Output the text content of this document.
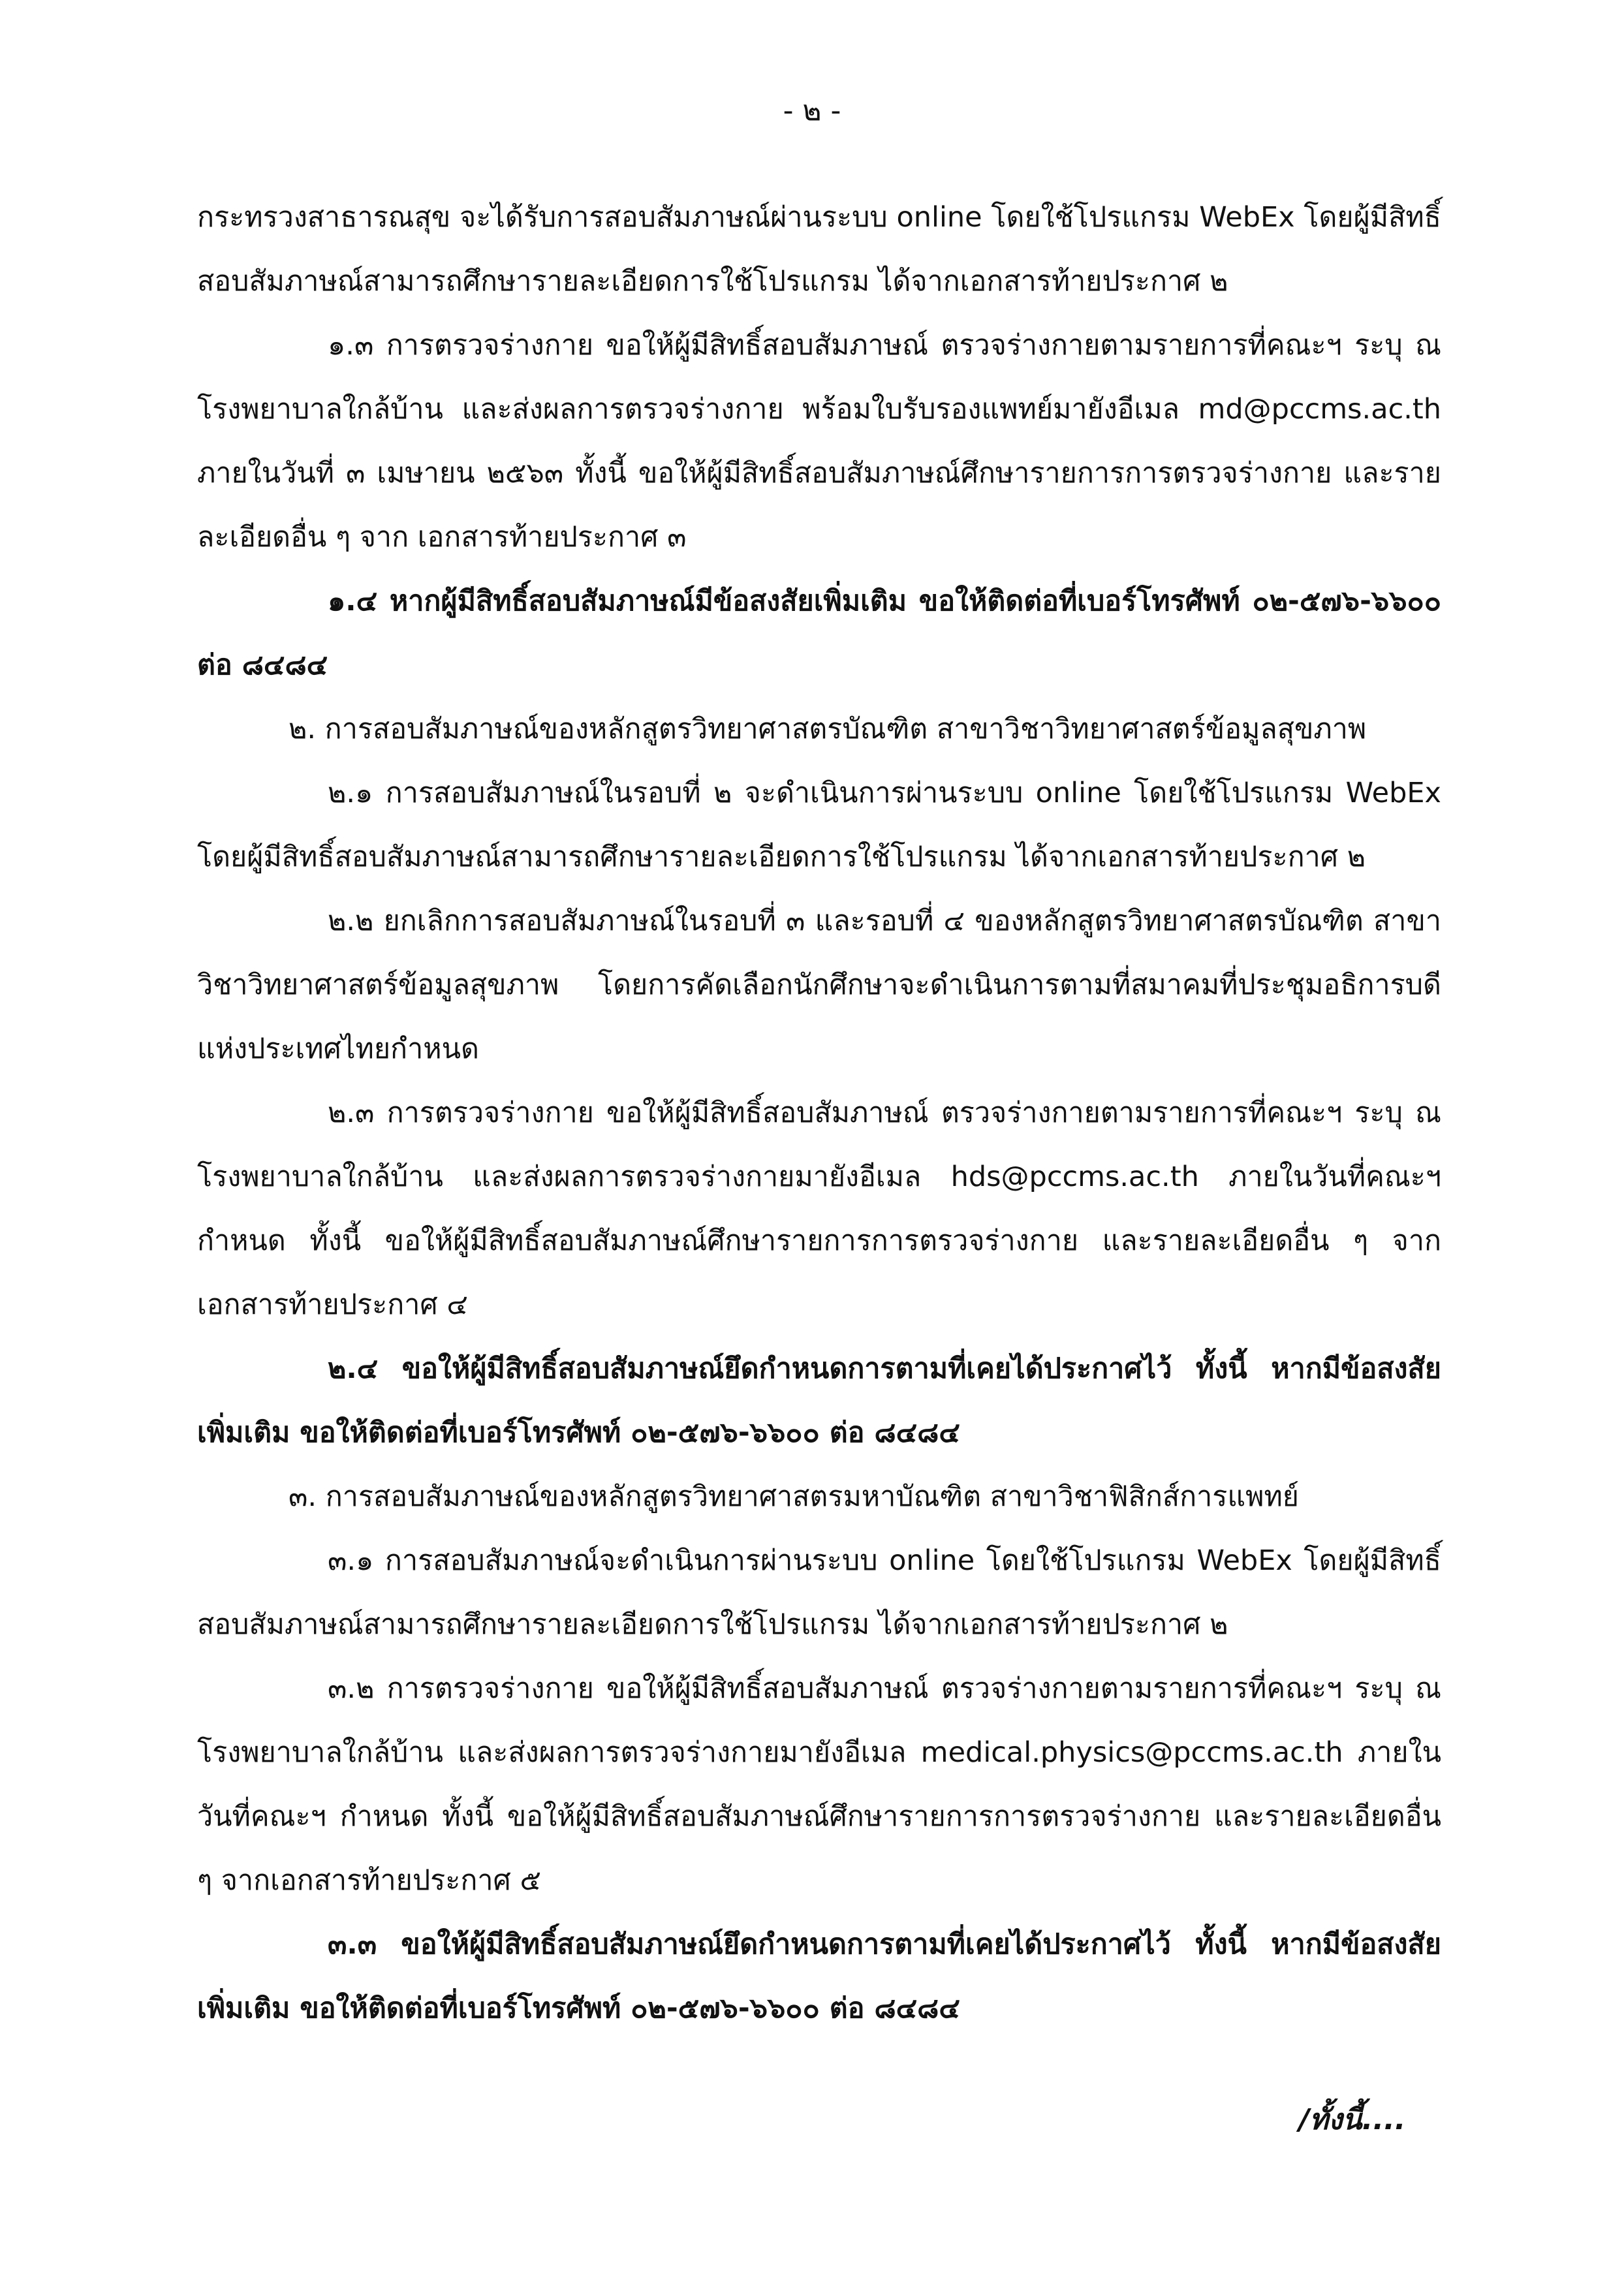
- ๒ -

กระทรวงสาธารณสุข จะได้รับการสอบสัมภาษณ์ผ่านระบบ online โดยใช้โปรแกรม WebEx โดยผู้มีสิทธิ์สอบสัมภาษณ์สามารถศึกษารายละเอียดการใช้โปรแกรม ได้จากเอกสารท้ายประกาศ ๒

๑.๓ การตรวจร่างกาย ขอให้ผู้มีสิทธิ์สอบสัมภาษณ์ ตรวจร่างกายตามรายการที่คณะฯ ระบุ ณ โรงพยาบาลใกล้บ้าน และส่งผลการตรวจร่างกาย พร้อมใบรับรองแพทย์มายังอีเมล md@pccms.ac.th ภายในวันที่ ๓ เมษายน ๒๕๖๓ ทั้งนี้ ขอให้ผู้มีสิทธิ์สอบสัมภาษณ์ศึกษารายการการตรวจร่างกาย และรายละเอียดอื่น ๆ จาก เอกสารท้ายประกาศ ๓

๑.๔ หากผู้มีสิทธิ์สอบสัมภาษณ์มีข้อสงสัยเพิ่มเติม ขอให้ติดต่อที่เบอร์โทรศัพท์ ๐๒-๕๗๖-๖๖๐๐ ต่อ ๘๔๘๔

๒. การสอบสัมภาษณ์ของหลักสูตรวิทยาศาสตรบัณฑิต สาขาวิชาวิทยาศาสตร์ข้อมูลสุขภาพ

๒.๑ การสอบสัมภาษณ์ในรอบที่ ๒ จะดำเนินการผ่านระบบ online โดยใช้โปรแกรม WebEx โดยผู้มีสิทธิ์สอบสัมภาษณ์สามารถศึกษารายละเอียดการใช้โปรแกรม ได้จากเอกสารท้ายประกาศ ๒

๒.๒ ยกเลิกการสอบสัมภาษณ์ในรอบที่ ๓ และรอบที่ ๔ ของหลักสูตรวิทยาศาสตรบัณฑิต สาขาวิชาวิทยาศาสตร์ข้อมูลสุขภาพ โดยการคัดเลือกนักศึกษาจะดำเนินการตามที่สมาคมที่ประชุมอธิการบดีแห่งประเทศไทยกำหนด

๒.๓ การตรวจร่างกาย ขอให้ผู้มีสิทธิ์สอบสัมภาษณ์ ตรวจร่างกายตามรายการที่คณะฯ ระบุ ณ โรงพยาบาลใกล้บ้าน และส่งผลการตรวจร่างกายมายังอีเมล hds@pccms.ac.th ภายในวันที่คณะฯ กำหนด ทั้งนี้ ขอให้ผู้มีสิทธิ์สอบสัมภาษณ์ศึกษารายการการตรวจร่างกาย และรายละเอียดอื่น ๆ จากเอกสารท้ายประกาศ ๔

๒.๔ ขอให้ผู้มีสิทธิ์สอบสัมภาษณ์ยึดกำหนดการตามที่เคยได้ประกาศไว้ ทั้งนี้ หากมีข้อสงสัยเพิ่มเติม ขอให้ติดต่อที่เบอร์โทรศัพท์ ๐๒-๕๗๖-๖๖๐๐ ต่อ ๘๔๘๔

๓. การสอบสัมภาษณ์ของหลักสูตรวิทยาศาสตรมหาบัณฑิต สาขาวิชาฟิสิกส์การแพทย์

๓.๑ การสอบสัมภาษณ์จะดำเนินการผ่านระบบ online โดยใช้โปรแกรม WebEx โดยผู้มีสิทธิ์สอบสัมภาษณ์สามารถศึกษารายละเอียดการใช้โปรแกรม ได้จากเอกสารท้ายประกาศ ๒

๓.๒ การตรวจร่างกาย ขอให้ผู้มีสิทธิ์สอบสัมภาษณ์ ตรวจร่างกายตามรายการที่คณะฯ ระบุ ณ โรงพยาบาลใกล้บ้าน และส่งผลการตรวจร่างกายมายังอีเมล medical.physics@pccms.ac.th ภายในวันที่คณะฯ กำหนด ทั้งนี้ ขอให้ผู้มีสิทธิ์สอบสัมภาษณ์ศึกษารายการการตรวจร่างกาย และรายละเอียดอื่น ๆ จากเอกสารท้ายประกาศ ๕

๓.๓ ขอให้ผู้มีสิทธิ์สอบสัมภาษณ์ยึดกำหนดการตามที่เคยได้ประกาศไว้ ทั้งนี้ หากมีข้อสงสัยเพิ่มเติม ขอให้ติดต่อที่เบอร์โทรศัพท์ ๐๒-๕๗๖-๖๖๐๐ ต่อ ๘๔๘๔

/ทั้งนี้....
